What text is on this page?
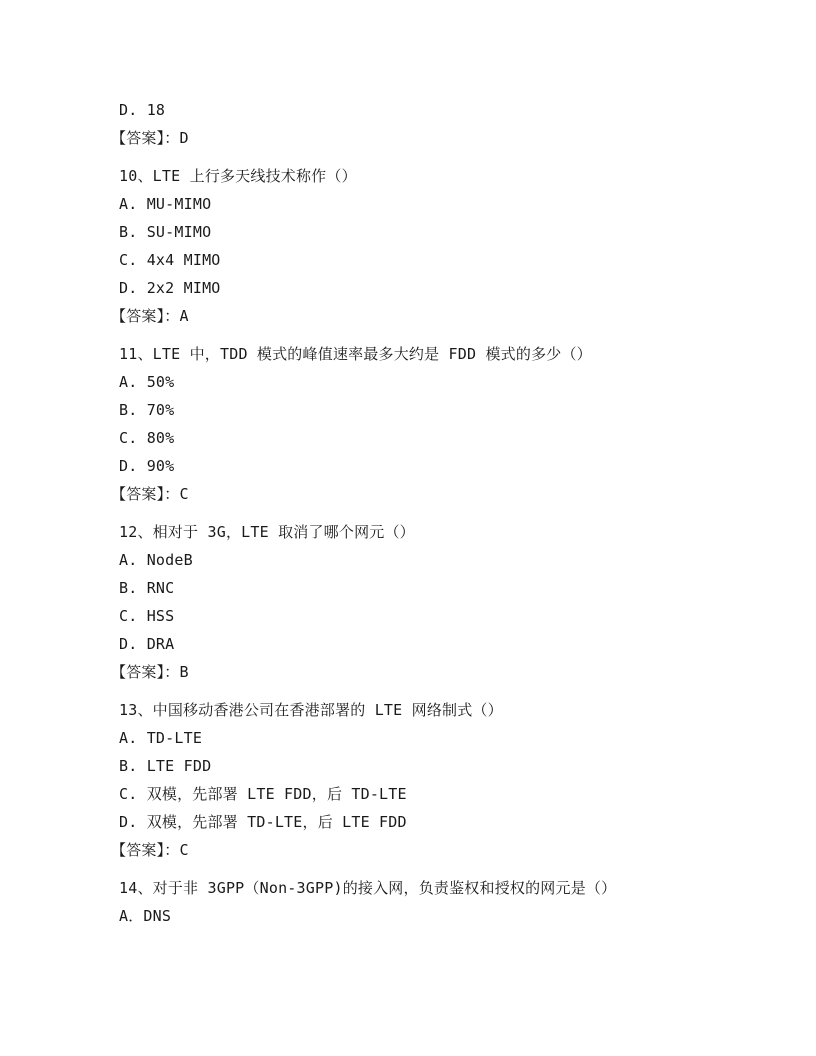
D. 18
【答案】：D
10、LTE 上行多天线技术称作（）
A. MU-MIMO
B. SU-MIMO
C. 4x4 MIMO
D. 2x2 MIMO
【答案】：A
11、LTE 中，TDD 模式的峰值速率最多大约是 FDD 模式的多少（）
A. 50%
B. 70%
C. 80%
D. 90%
【答案】：C
12、相对于 3G，LTE 取消了哪个网元（）
A. NodeB
B. RNC
C. HSS
D. DRA
【答案】：B
13、中国移动香港公司在香港部署的 LTE 网络制式（）
A. TD-LTE
B. LTE FDD
C. 双模，先部署 LTE FDD，后 TD-LTE
D. 双模，先部署 TD-LTE，后 LTE FDD
【答案】：C
14、对于非 3GPP（Non-3GPP)的接入网，负责鉴权和授权的网元是（）
A．DNS
